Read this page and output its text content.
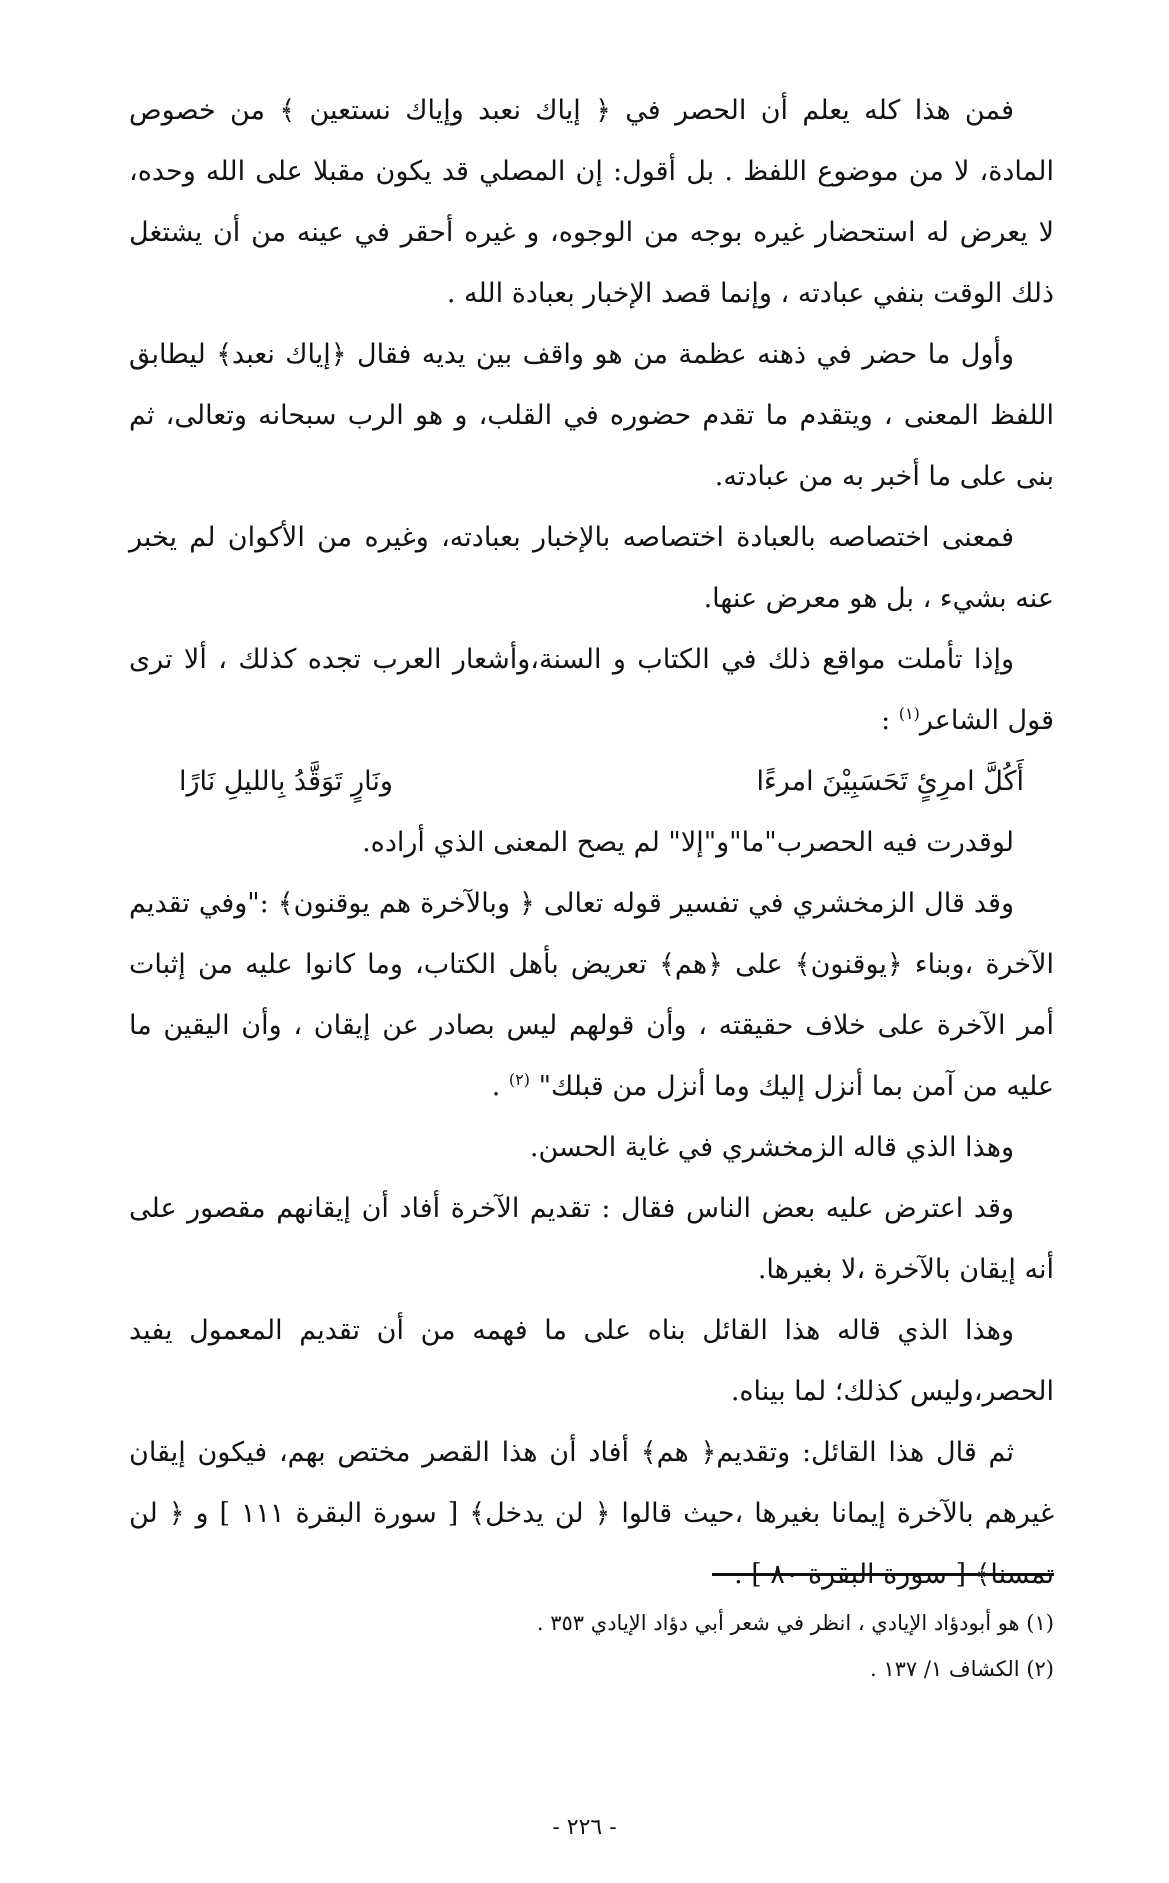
فمن هذا كله يعلم أن الحصر في ﴿ إياك نعبد وإياك نستعين ﴾ من خصوص المادة، لا من موضوع اللفظ . بل أقول: إن المصلي قد يكون مقبلا على الله وحده، لا يعرض له استحضار غيره بوجه من الوجوه، و غيره أحقر في عينه من أن يشتغل ذلك الوقت بنفي عبادته ، وإنما قصد الإخبار بعبادة الله .

وأول ما حضر في ذهنه عظمة من هو واقف بين يديه فقال ﴿إياك نعبد﴾ ليطابق اللفظ المعنى ، ويتقدم ما تقدم حضوره في القلب، و هو الرب سبحانه وتعالى، ثم بنى على ما أخبر به من عبادته.

فمعنى اختصاصه بالعبادة اختصاصه بالإخبار بعبادته، وغيره من الأكوان لم يخبر عنه بشيء ، بل هو معرض عنها.

وإذا تأملت مواقع ذلك في الكتاب و السنة،وأشعار العرب تجده كذلك ، ألا ترى قول الشاعر$^{(١)}$ :

أَكُلَّ امرِئٍ تَحَسَبِيْنَ امرءًا
ونَارٍ تَوَقَّدُ بِالليلِ نَارًا

لوقدرت فيه الحصرب"ما"و"إلا" لم يصح المعنى الذي أراده.

وقد قال الزمخشري في تفسير قوله تعالى ﴿ وبالآخرة هم يوقنون﴾ :"وفي تقديم الآخرة ،وبناء ﴿يوقنون﴾ على ﴿هم﴾ تعريض بأهل الكتاب، وما كانوا عليه من إثبات أمر الآخرة على خلاف حقيقته ، وأن قولهم ليس بصادر عن إيقان ، وأن اليقين ما عليه من آمن بما أنزل إليك وما أنزل من قبلك" $^{(٢)}$ .

وهذا الذي قاله الزمخشري في غاية الحسن.

وقد اعترض عليه بعض الناس فقال : تقديم الآخرة أفاد أن إيقانهم مقصور على أنه إيقان بالآخرة ،لا بغيرها.

وهذا الذي قاله هذا القائل بناه على ما فهمه من أن تقديم المعمول يفيد الحصر،وليس كذلك؛ لما بيناه.

ثم قال هذا القائل: وتقديم﴿ هم﴾ أفاد أن هذا القصر مختص بهم، فيكون إيقان غيرهم بالآخرة إيمانا بغيرها ،حيث قالوا ﴿ لن يدخل﴾ [ سورة البقرة ١١١ ] و ﴿ لن تمسنا﴾ [ سورة البقرة ٨٠ ] .

(١) هو أبودؤاد الإيادي ، انظر في شعر أبي دؤاد الإيادي ٣٥٣ .

(٢) الكشاف ١/ ١٣٧ .

- ٢٢٦ -
